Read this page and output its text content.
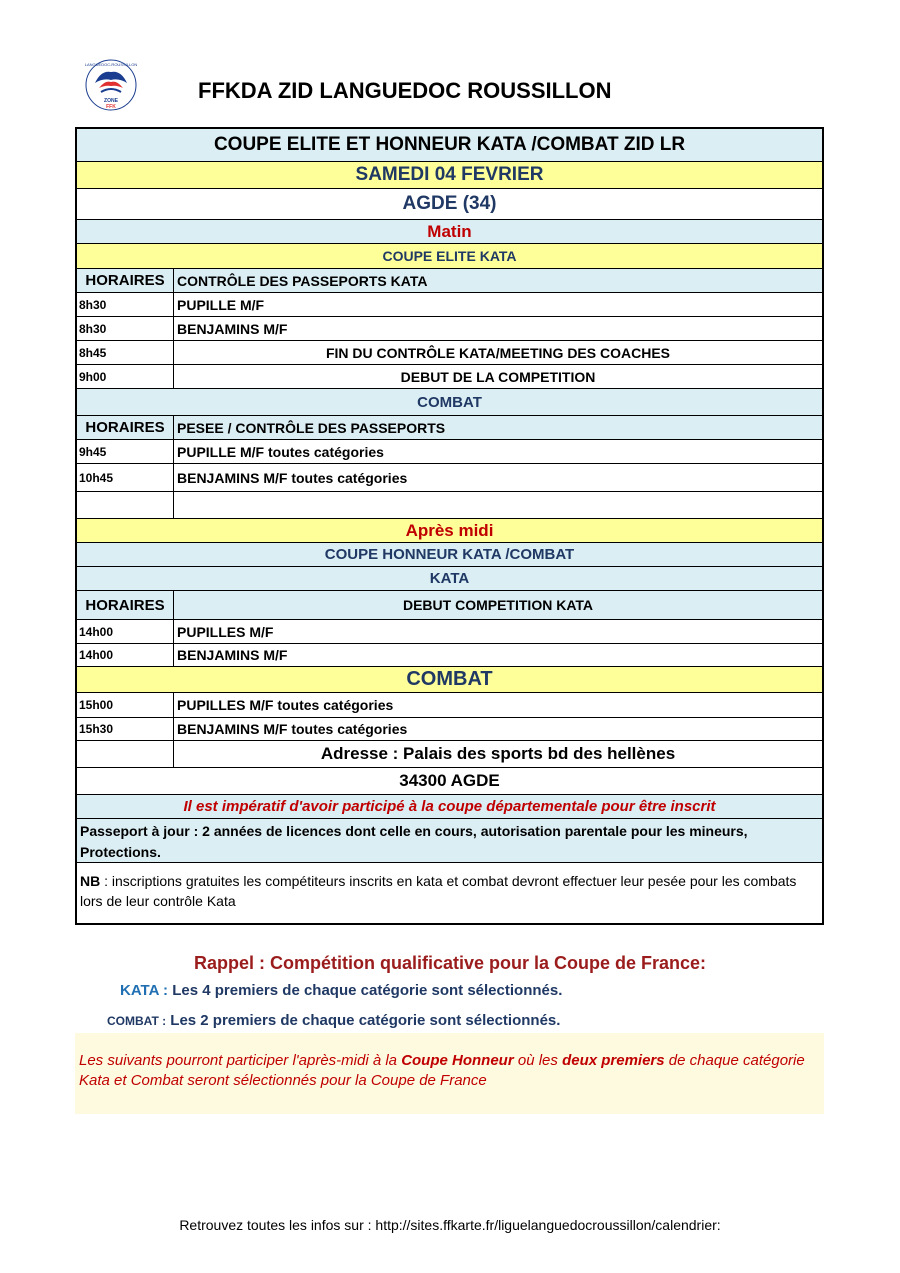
ZONE
FFK
LANGUEDOC-ROUSSILLON
FFKDA ZID LANGUEDOC ROUSSILLON
COUPE ELITE ET HONNEUR KATA /COMBAT ZID LR
SAMEDI 04 FEVRIER
AGDE (34)
Matin
COUPE ELITE KATA
HORAIRES CONTRÔLE DES PASSEPORTS KATA
8h30	PUPILLE M/F
8h30	BENJAMINS M/F
8h45	FIN DU CONTRÔLE KATA/MEETING DES COACHES
9h00	DEBUT DE LA COMPETITION
COMBAT
HORAIRES PESEE / CONTRÔLE DES PASSEPORTS
9h45	PUPILLE M/F toutes catégories
10h45	BENJAMINS M/F toutes catégories
Après midi
COUPE HONNEUR KATA /COMBAT
KATA
HORAIRES	DEBUT COMPETITION KATA
14h00	PUPILLES M/F
14h00	BENJAMINS M/F
COMBAT
15h00	PUPILLES M/F toutes catégories
15h30	BENJAMINS M/F toutes catégories
Adresse : Palais des sports bd des hellènes
34300 AGDE
Il est impératif d'avoir participé à la coupe départementale pour être inscrit
Passeport à jour : 2 années de licences dont celle en cours, autorisation parentale pour les mineurs, Protections.
NB : inscriptions gratuites les compétiteurs inscrits en kata et combat devront effectuer leur pesée pour les combats lors de leur contrôle Kata
Rappel : Compétition qualificative pour la Coupe de France:
KATA : Les 4 premiers de chaque catégorie sont sélectionnés.
COMBAT : Les 2 premiers de chaque catégorie sont sélectionnés.
Les suivants pourront participer l'après-midi à la Coupe Honneur où les deux premiers de chaque catégorie Kata et Combat seront sélectionnés pour la Coupe de France
Retrouvez toutes les infos sur : http://sites.ffkarte.fr/liguelanguedocroussillon/calendrier:
